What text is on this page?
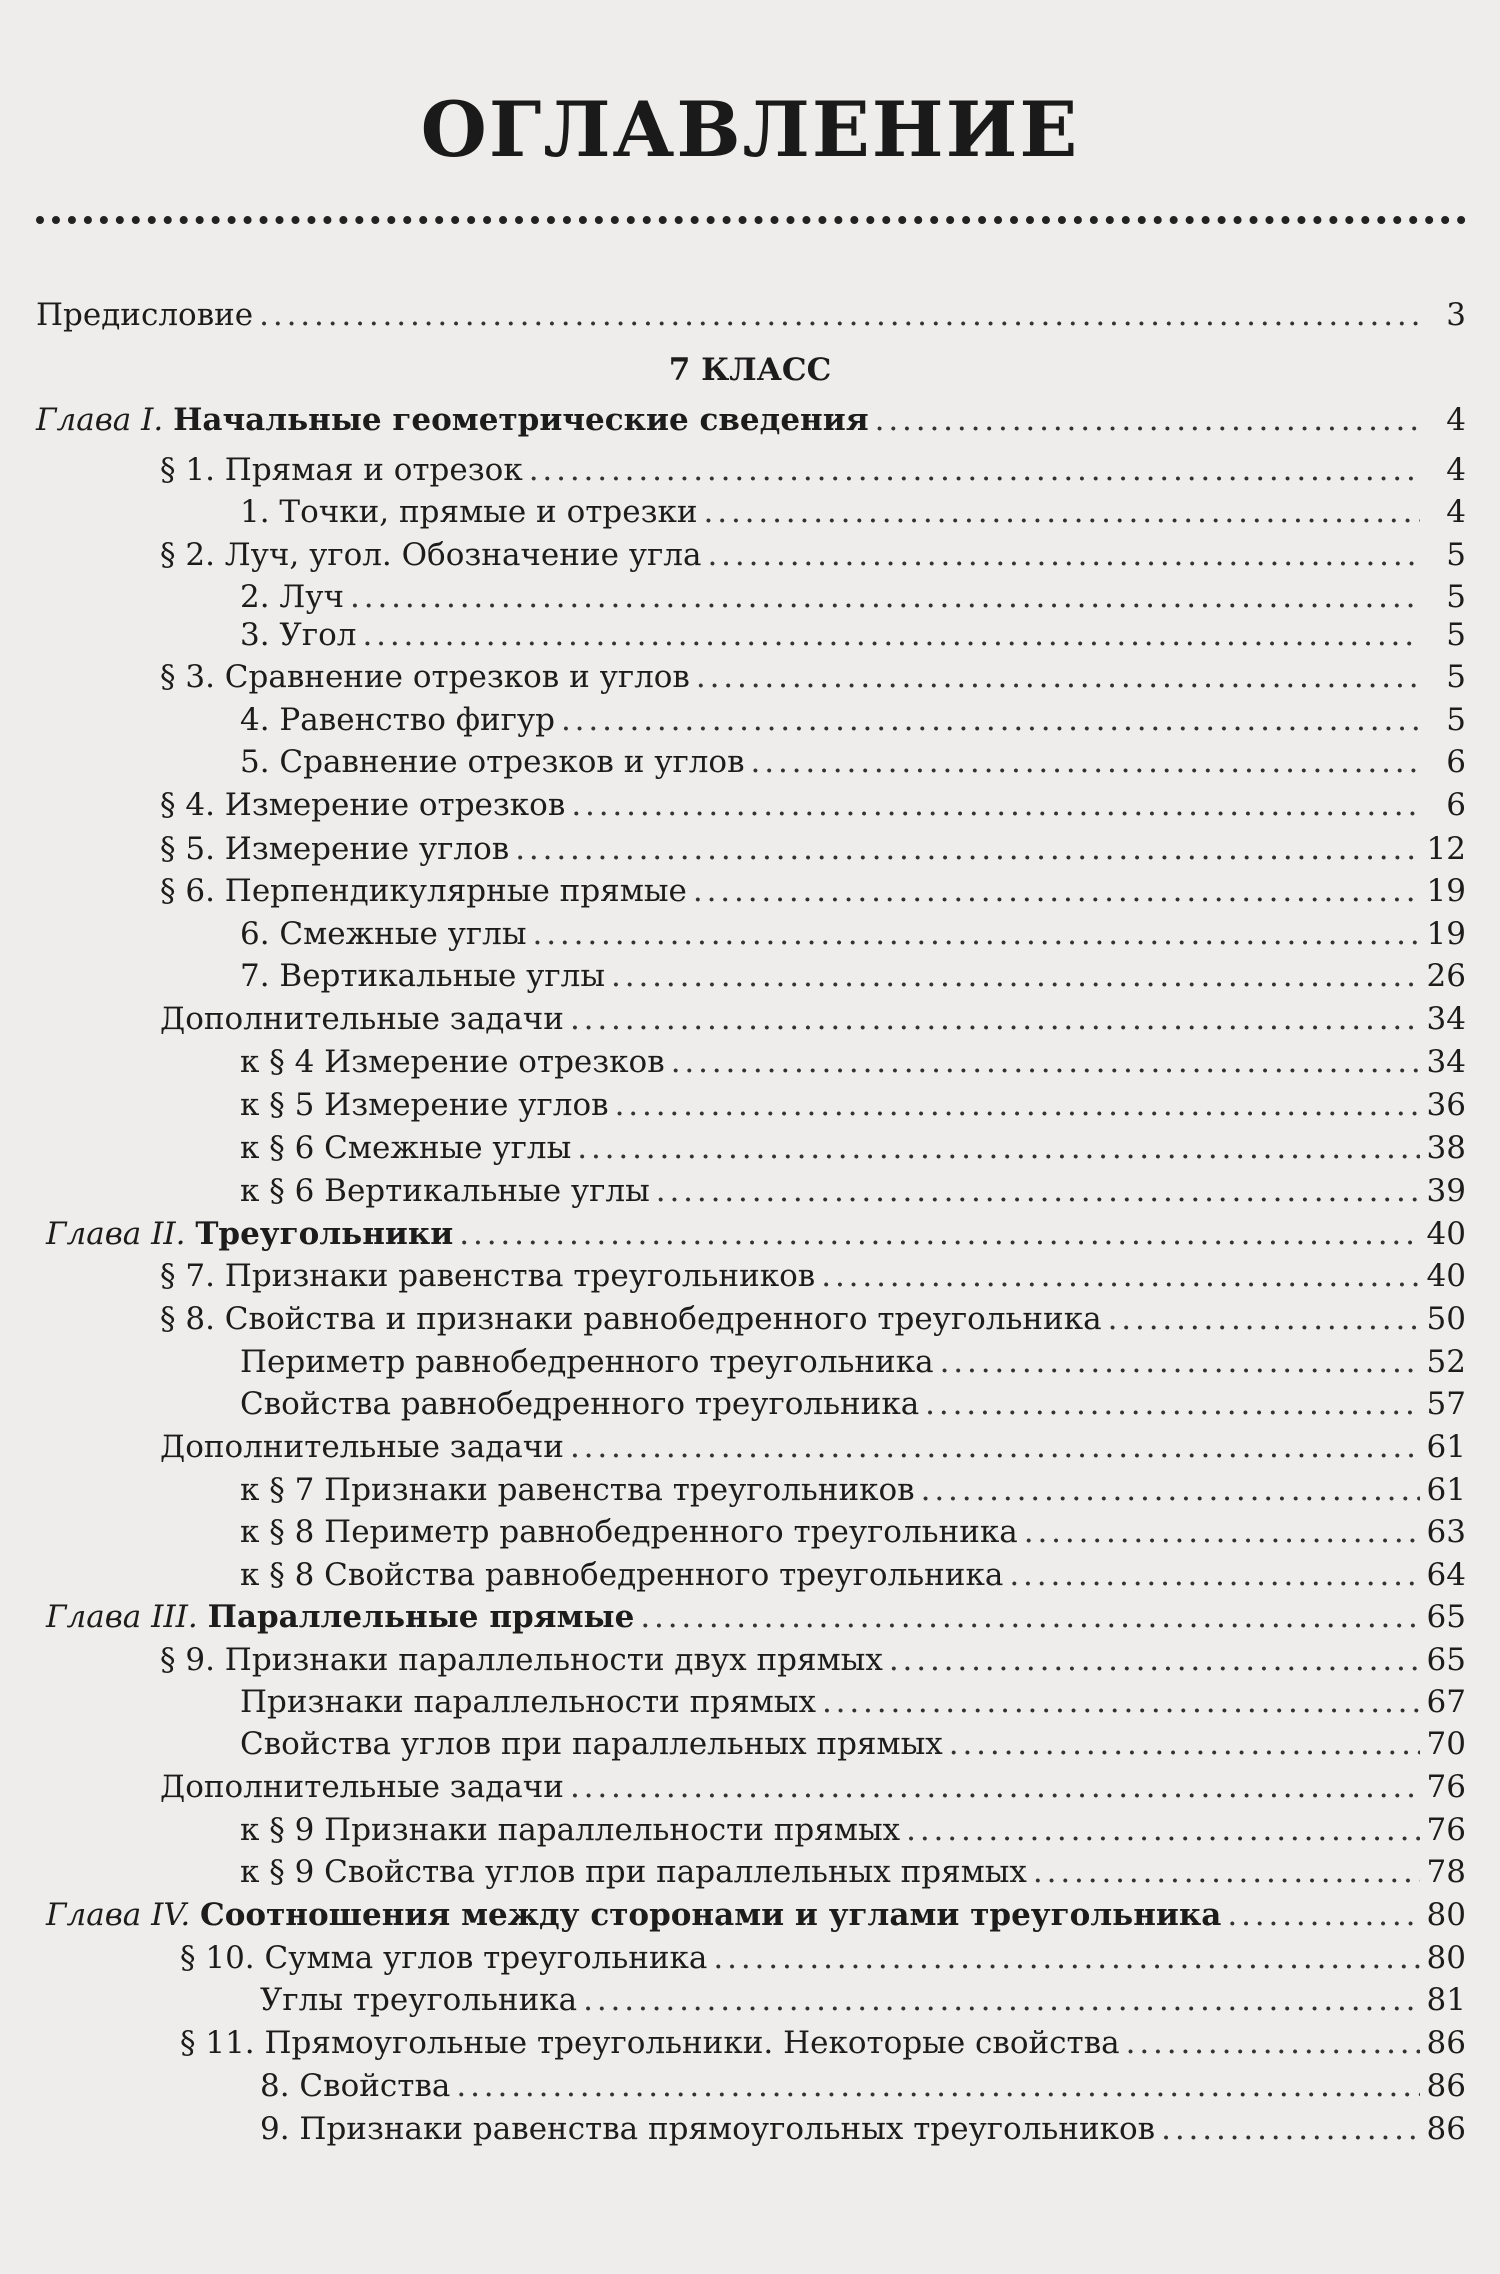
ОГЛАВЛЕНИЕ
Предисловие . . .	3
7 КЛАСС
Глава I. Начальные геометрические сведения . . .	4
§ 1. Прямая и отрезок . . .	4
1. Точки, прямые и отрезки . . .	4
§ 2. Луч, угол. Обозначение угла . . .	5
2. Луч . . .	5
3. Угол . . .	5
§ 3. Сравнение отрезков и углов . . .	5
4. Равенство фигур . . .	5
5. Сравнение отрезков и углов . . .	6
§ 4. Измерение отрезков . . .	6
§ 5. Измерение углов . . .	12
§ 6. Перпендикулярные прямые . . .	19
6. Смежные углы . . .	19
7. Вертикальные углы . . .	26
Дополнительные задачи . . .	34
к § 4 Измерение отрезков . . .	34
к § 5 Измерение углов . . .	36
к § 6 Смежные углы . . .	38
к § 6 Вертикальные углы . . .	39
Глава II. Треугольники . . .	40
§ 7. Признаки равенства треугольников . . .	40
§ 8. Свойства и признаки равнобедренного треугольника . . .	50
Периметр равнобедренного треугольника . . .	52
Свойства равнобедренного треугольника . . .	57
Дополнительные задачи . . .	61
к § 7 Признаки равенства треугольников . . .	61
к § 8 Периметр равнобедренного треугольника . . .	63
к § 8 Свойства равнобедренного треугольника . . .	64
Глава III. Параллельные прямые . . .	65
§ 9. Признаки параллельности двух прямых . . .	65
Признаки параллельности прямых . . .	67
Свойства углов при параллельных прямых . . .	70
Дополнительные задачи . . .	76
к § 9 Признаки параллельности прямых . . .	76
к § 9 Свойства углов при параллельных прямых . . .	78
Глава IV. Соотношения между сторонами и углами треугольника . . .	80
§ 10. Сумма углов треугольника . . .	80
Углы треугольника . . .	81
§ 11. Прямоугольные треугольники. Некоторые свойства . . .	86
8. Свойства . . .	86
9. Признаки равенства прямоугольных треугольников . . .	86
